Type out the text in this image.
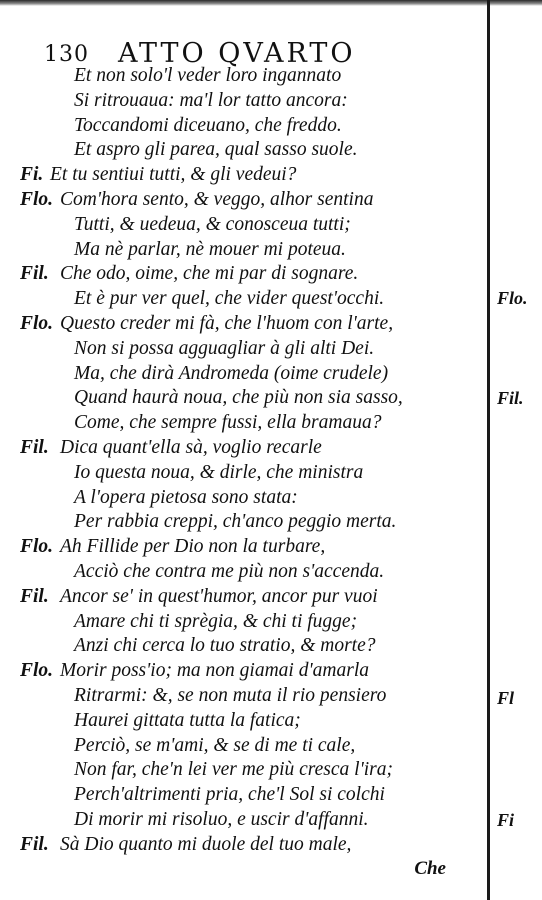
130 ATTO QVARTO
Et non solo'l veder loro ingannato
Si ritrouaua: ma'l lor tatto ancora:
Toccandomi diceuano, che freddo.
Et aspro gli parea, qual sasso suole.
Fi. Et tu sentiui tutti, & gli vedeui?
Flo. Com'hora sento, & veggo, alhor sentina
Tutti, & uedeua, & conosceua tutti;
Ma nè parlar, nè mouer mi poteua.
Fil. Che odo, oime, che mi par di sognare.
Et è pur ver quel, che vider quest'occhi.
Flo. Questo creder mi fà, che l'huom con l'arte,
Non si possa agguagliar à gli alti Dei.
Ma, che dirà Andromeda (oime crudele)
Quand haurà noua, che più non sia sasso,
Come, che sempre fussi, ella bramaua?
Fil. Dica quant'ella sà, voglio recarle
Io questa noua, & dirle, che ministra
A l'opera pietosa sono stata:
Per rabbia creppi, ch'anco peggio merta.
Flo. Ah Fillide per Dio non la turbare,
Acciò che contra me più non s'accenda.
Fil. Ancor se' in quest'humor, ancor pur vuoi
Amare chi ti sprègia, & chi ti fugge;
Anzi chi cerca lo tuo stratio, & morte?
Flo. Morir poss'io; ma non giamai d'amarla
Ritrarmi: &, se non muta il rio pensiero
Haurei gittata tutta la fatica;
Perciò, se m'ami, & se di me ti cale,
Non far, che'n lei ver me più cresca l'ira;
Perch'altrimenti pria, che'l Sol si colchi
Di morir mi risoluo, e uscir d'affanni.
Fil. Sà Dio quanto mi duole del tuo male,
Che
Flo.
Fil.
Fl
Fi
